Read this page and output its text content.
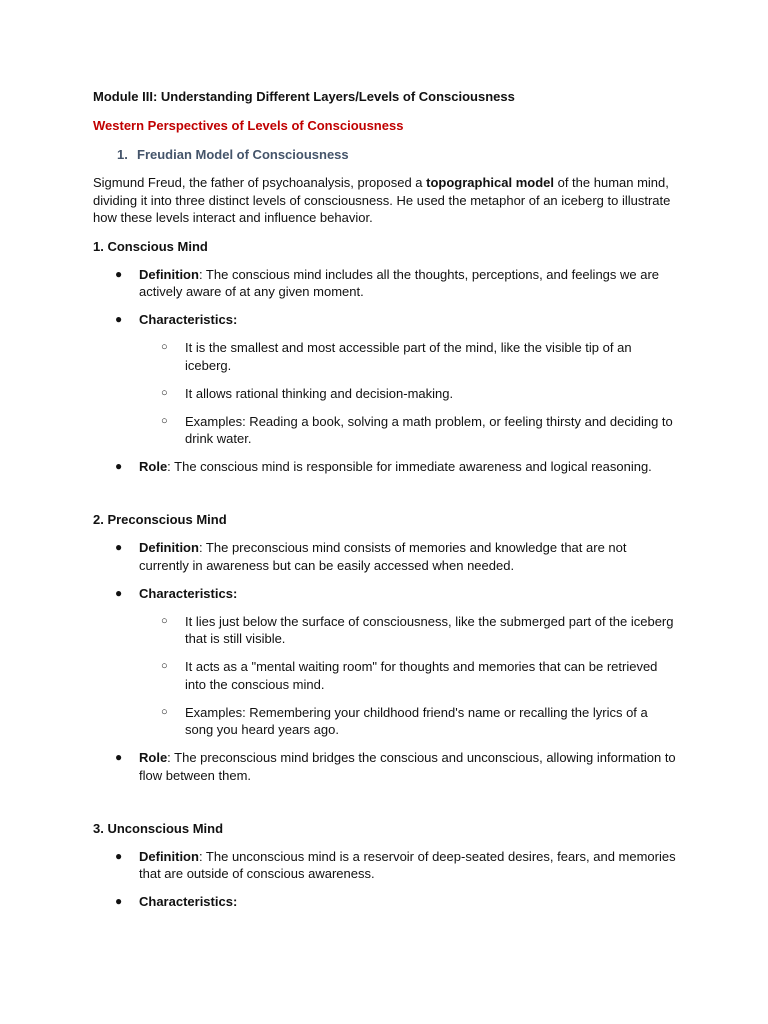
Module III: Understanding Different Layers/Levels of Consciousness
Western Perspectives of Levels of Consciousness
1. Freudian Model of Consciousness
Sigmund Freud, the father of psychoanalysis, proposed a topographical model of the human mind, dividing it into three distinct levels of consciousness. He used the metaphor of an iceberg to illustrate how these levels interact and influence behavior.
1. Conscious Mind
●	Definition: The conscious mind includes all the thoughts, perceptions, and feelings we are actively aware of at any given moment.
●	Characteristics:
○	It is the smallest and most accessible part of the mind, like the visible tip of an iceberg.
○	It allows rational thinking and decision-making.
○	Examples: Reading a book, solving a math problem, or feeling thirsty and deciding to drink water.
●	Role: The conscious mind is responsible for immediate awareness and logical reasoning.
2. Preconscious Mind
●	Definition: The preconscious mind consists of memories and knowledge that are not currently in awareness but can be easily accessed when needed.
●	Characteristics:
○	It lies just below the surface of consciousness, like the submerged part of the iceberg that is still visible.
○	It acts as a "mental waiting room" for thoughts and memories that can be retrieved into the conscious mind.
○	Examples: Remembering your childhood friend's name or recalling the lyrics of a song you heard years ago.
●	Role: The preconscious mind bridges the conscious and unconscious, allowing information to flow between them.
3. Unconscious Mind
●	Definition: The unconscious mind is a reservoir of deep-seated desires, fears, and memories that are outside of conscious awareness.
●	Characteristics:
